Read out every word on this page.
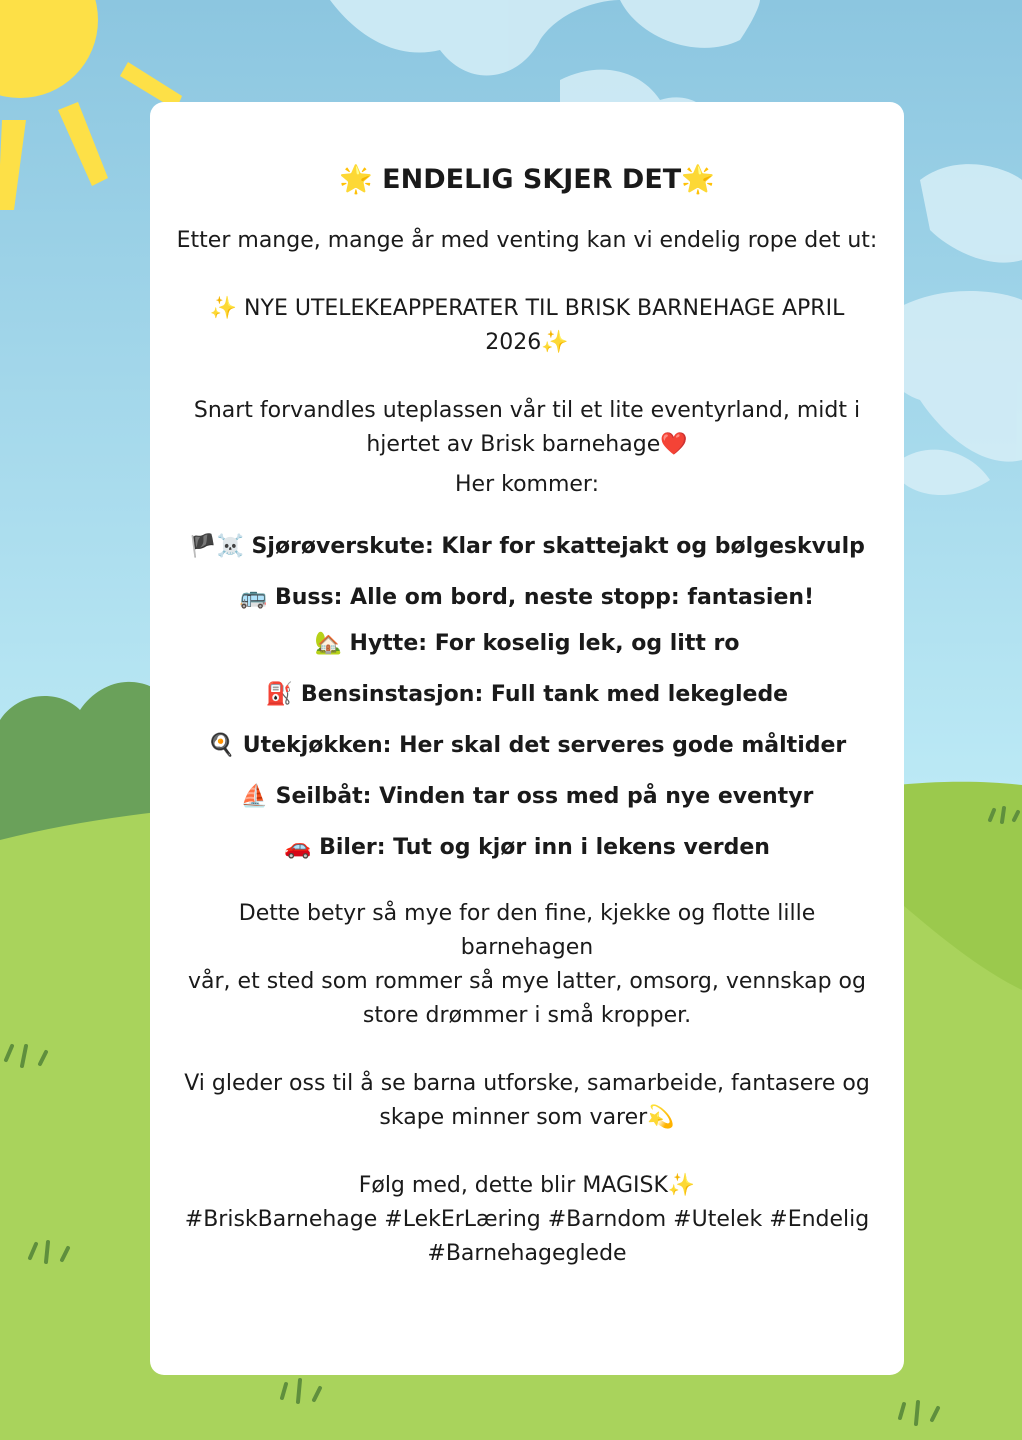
🌟 ENDELIG SKJER DET🌟

Etter mange, mange år med venting kan vi endelig rope det ut:

✨ NYE UTELEKEAPPERATER TIL BRISK BARNEHAGE APRIL

2026✨

Snart forvandles uteplassen vår til et lite eventyrland, midt i

hjertet av Brisk barnehage❤️

Her kommer:

🏴☠️ Sjørøverskute: Klar for skattejakt og bølgeskvulp

🚌 Buss: Alle om bord, neste stopp: fantasien!

🏡 Hytte: For koselig lek, og litt ro

⛽ Bensinstasjon: Full tank med lekeglede

🍳 Utekjøkken: Her skal det serveres gode måltider

⛵ Seilbåt: Vinden tar oss med på nye eventyr

🚗 Biler: Tut og kjør inn i lekens verden

Dette betyr så mye for den fine, kjekke og flotte lille barnehagen

vår, et sted som rommer så mye latter, omsorg, vennskap og

store drømmer i små kropper.

Vi gleder oss til å se barna utforske, samarbeide, fantasere og

skape minner som varer💫

Følg med, dette blir MAGISK✨

#BriskBarnehage #LekErLæring #Barndom #Utelek #Endelig

#Barnehageglede
